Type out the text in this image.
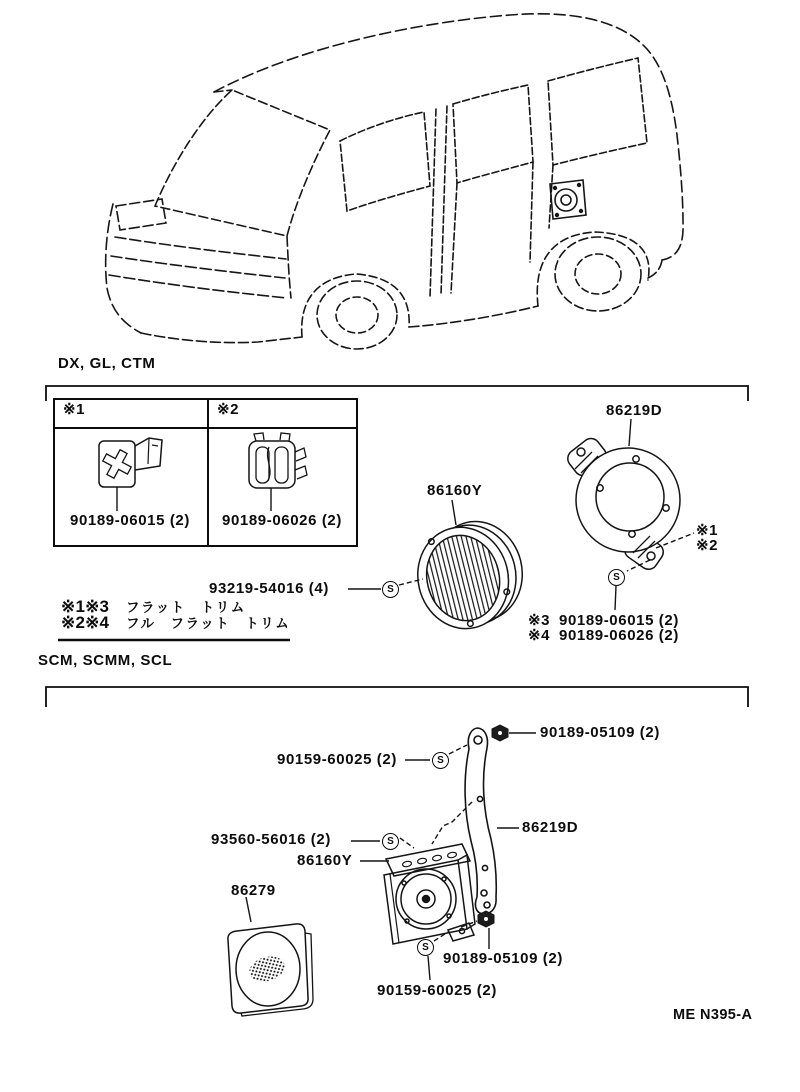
DX, GL, CTM
※1	※2
90189-06015 (2)	90189-06026 (2)
86160Y
86219D
93219-54016 (4)
※1
※2
※3 90189-06015 (2)
※4 90189-06026 (2)
※1※3 フラット　トリム
※2※4 フル　フラット　トリム
SCM, SCMM, SCL
90189-05109 (2)
90159-60025 (2)
93560-56016 (2)
86160Y
86219D
86279
90189-05109 (2)
90159-60025 (2)
S
S
S
S
S
ME N395-A
